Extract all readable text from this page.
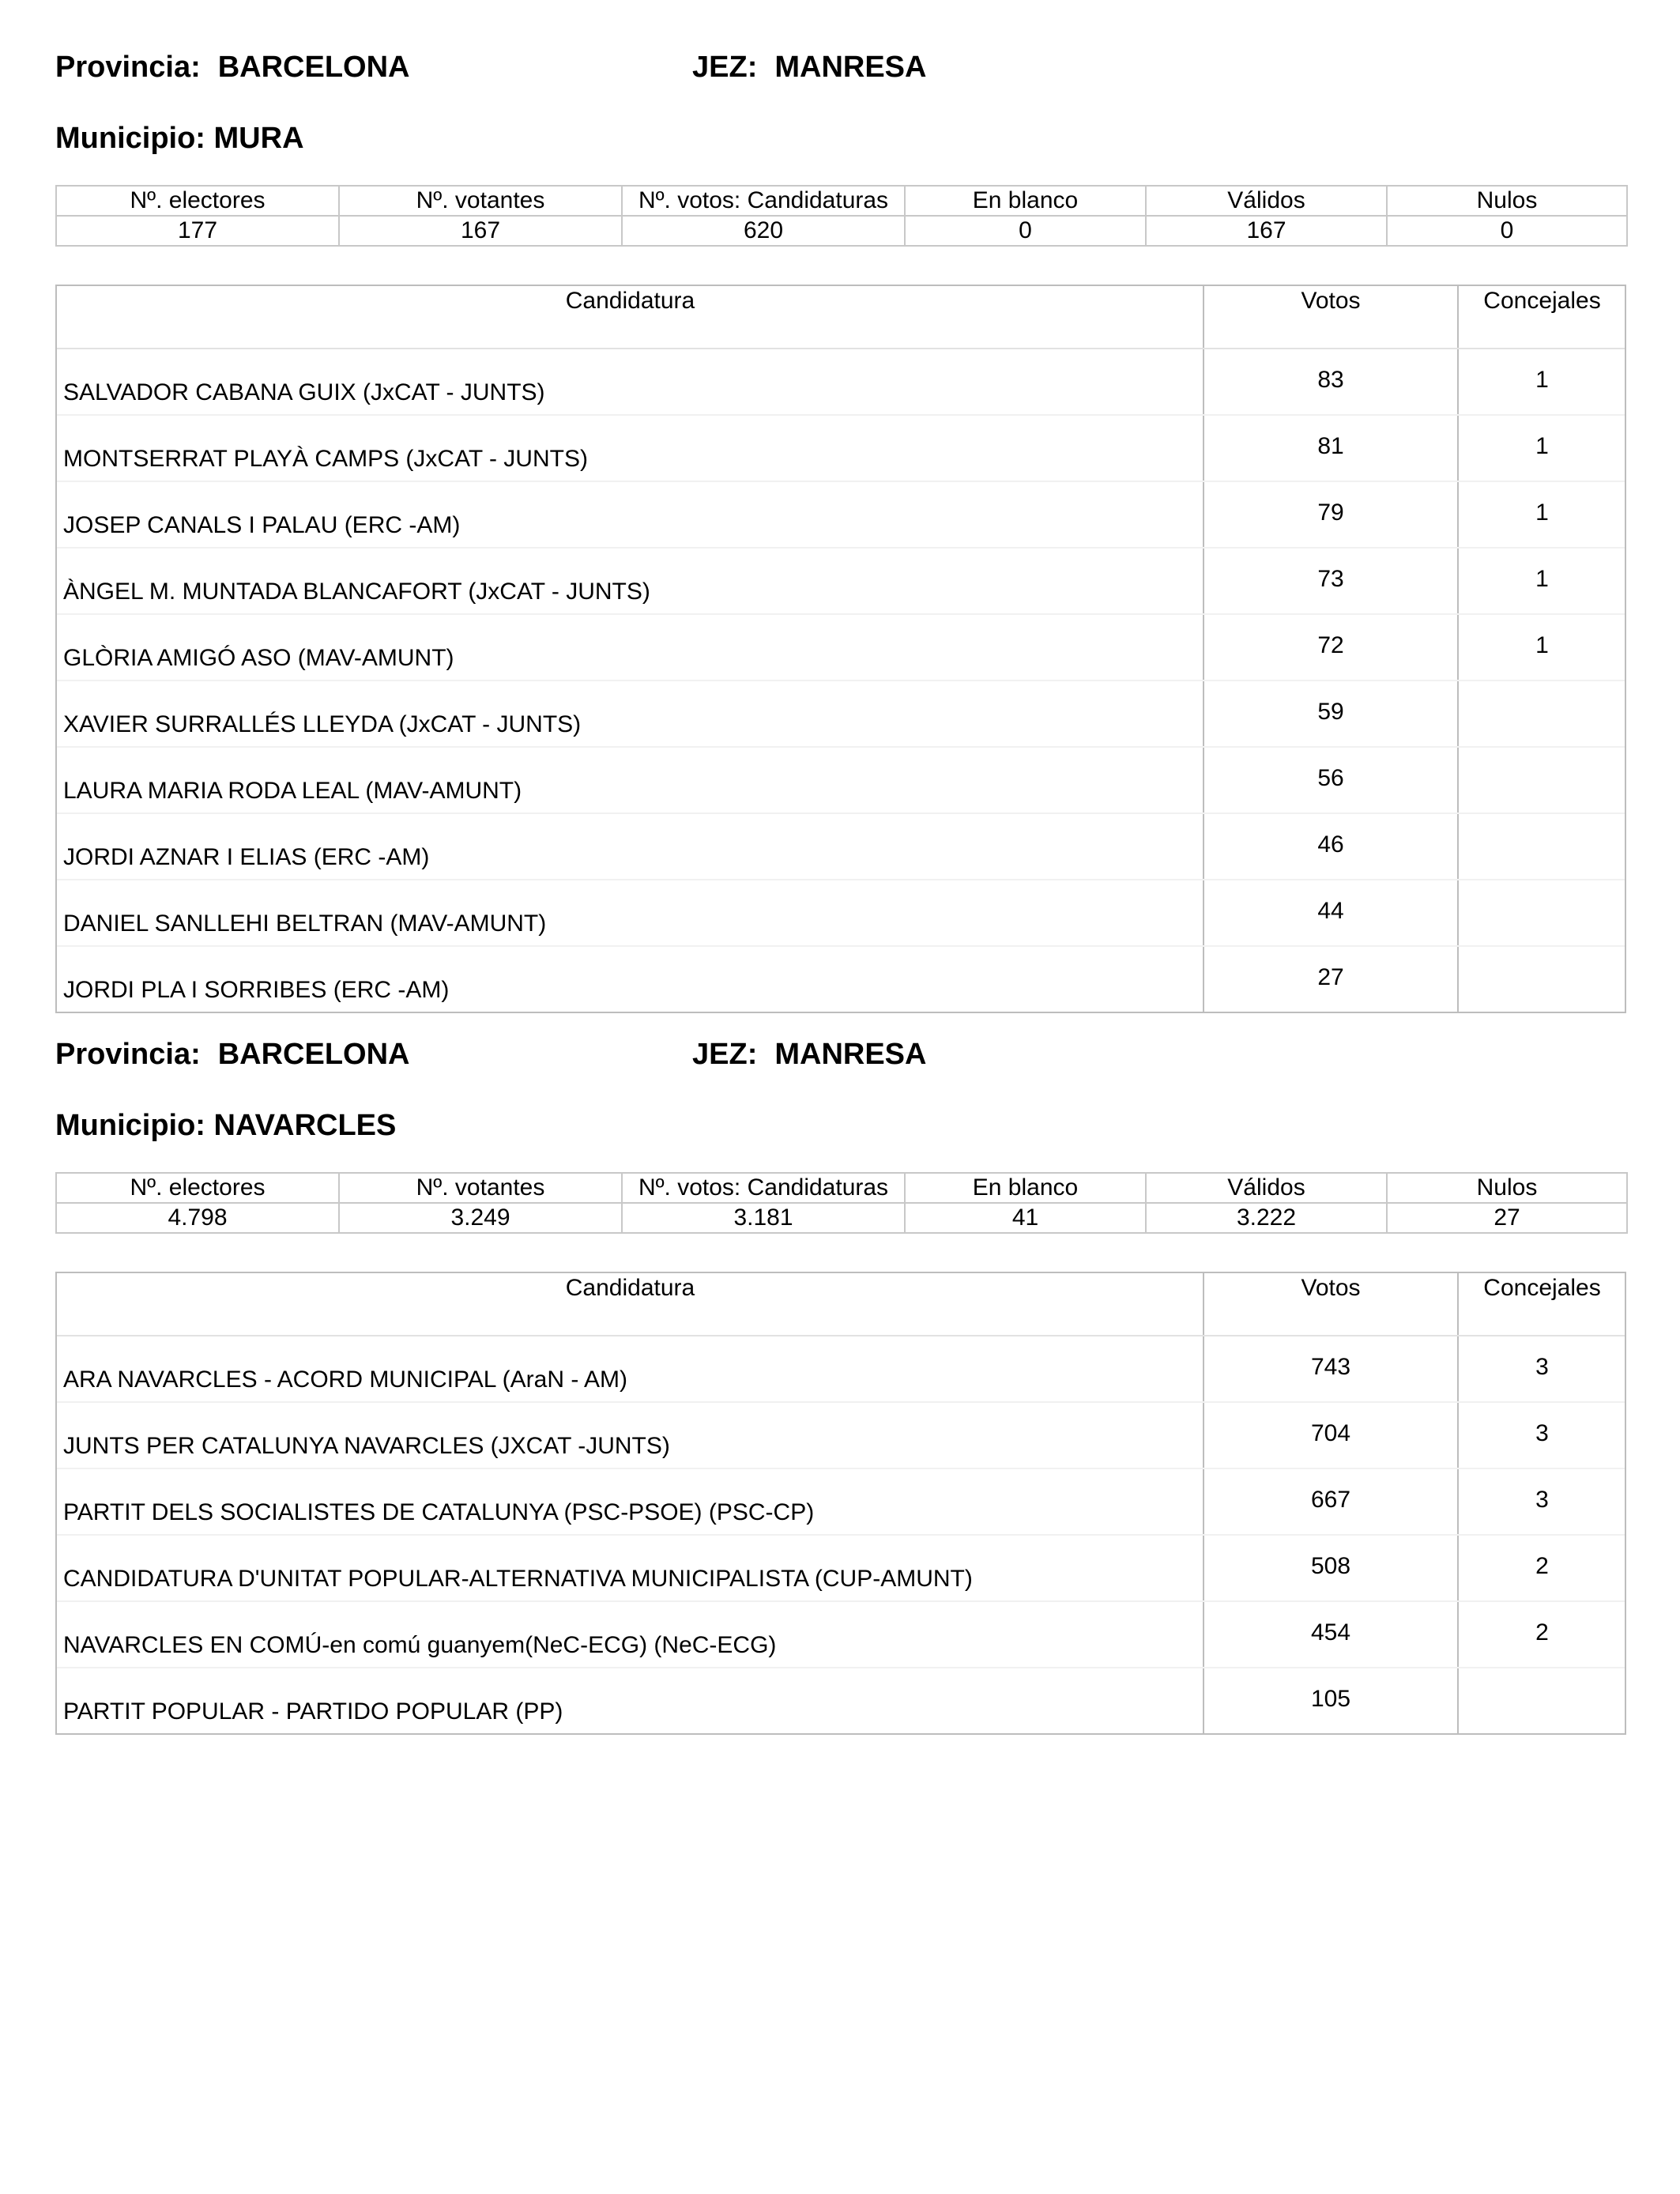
Provincia: BARCELONA	JEZ: MANRESA
Municipio: MURA
Nº. electores	Nº. votantes	Nº. votos: Candidaturas	En blanco	Válidos	Nulos
177	167	620	0	167	0
Candidatura	Votos	Concejales
SALVADOR CABANA GUIX (JxCAT - JUNTS)	83	1
MONTSERRAT PLAYÀ CAMPS (JxCAT - JUNTS)	81	1
JOSEP CANALS I PALAU (ERC -AM)	79	1
ÀNGEL M. MUNTADA BLANCAFORT (JxCAT - JUNTS)	73	1
GLÒRIA AMIGÓ ASO (MAV-AMUNT)	72	1
XAVIER SURRALLÉS LLEYDA (JxCAT - JUNTS)	59
LAURA MARIA RODA LEAL (MAV-AMUNT)	56
JORDI AZNAR I ELIAS (ERC -AM)	46
DANIEL SANLLEHI BELTRAN (MAV-AMUNT)	44
JORDI PLA I SORRIBES (ERC -AM)	27
Provincia: BARCELONA	JEZ: MANRESA
Municipio: NAVARCLES
Nº. electores	Nº. votantes	Nº. votos: Candidaturas	En blanco	Válidos	Nulos
4.798	3.249	3.181	41	3.222	27
Candidatura	Votos	Concejales
ARA NAVARCLES - ACORD MUNICIPAL (AraN - AM)	743	3
JUNTS PER CATALUNYA NAVARCLES (JXCAT -JUNTS)	704	3
PARTIT DELS SOCIALISTES DE CATALUNYA (PSC-PSOE) (PSC-CP)	667	3
CANDIDATURA D'UNITAT POPULAR-ALTERNATIVA MUNICIPALISTA (CUP-AMUNT)	508	2
NAVARCLES EN COMÚ-en comú guanyem(NeC-ECG) (NeC-ECG)	454	2
PARTIT POPULAR - PARTIDO POPULAR (PP)	105
